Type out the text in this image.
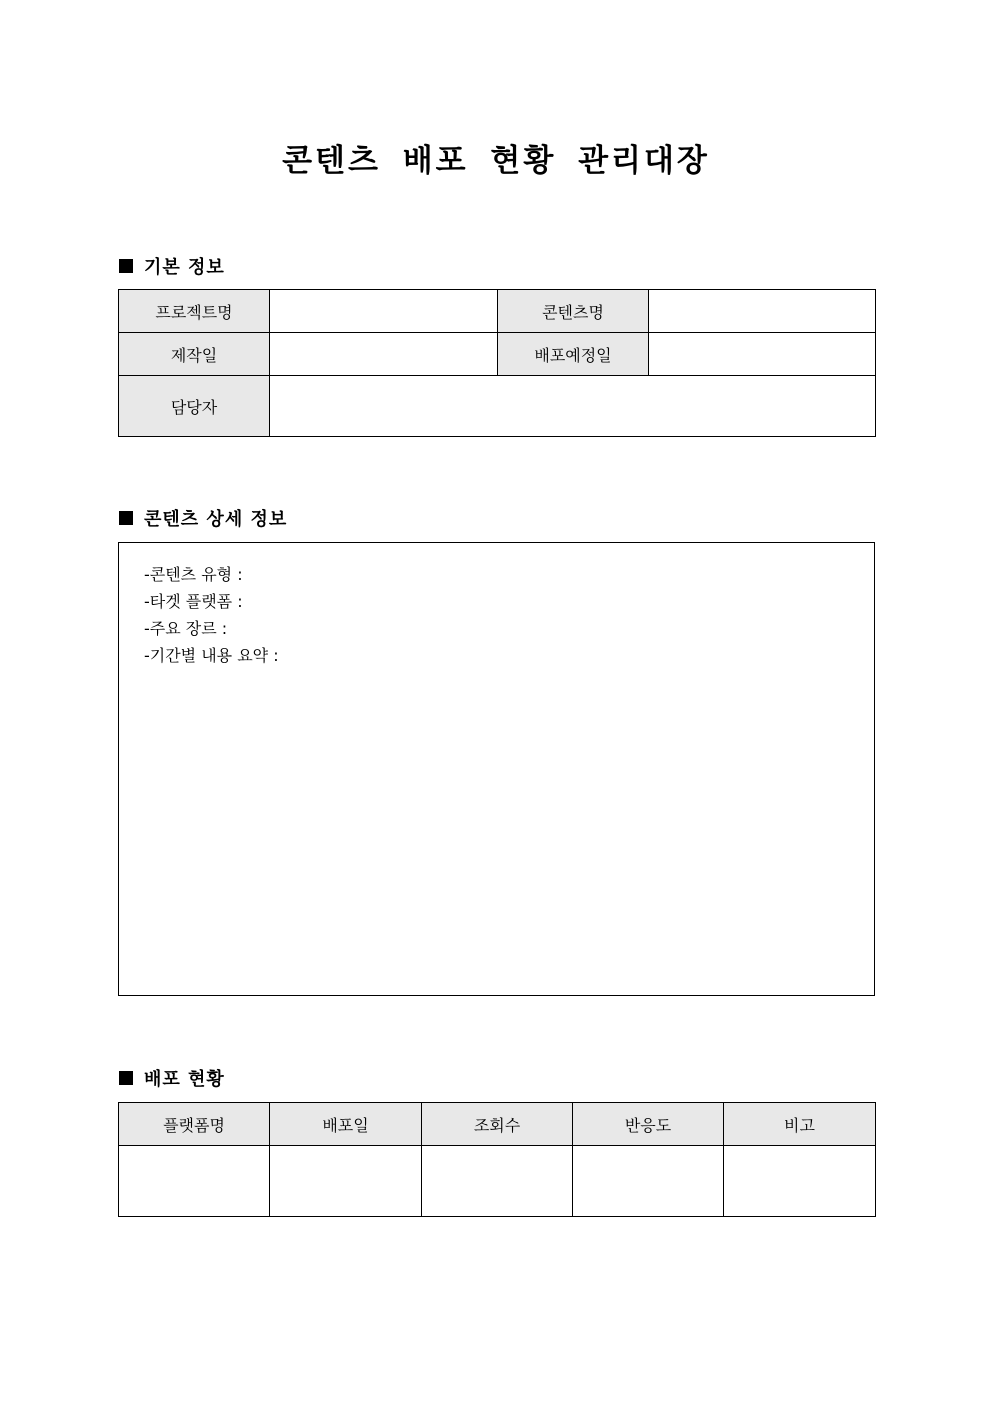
콘텐츠 배포 현황 관리대장
기본 정보
프로젝트명		콘텐츠명	
제작일		배포예정일	
담당자			
콘텐츠 상세 정보
-콘텐츠 유형 :
-타겟 플랫폼 :
-주요 장르 :
-기간별 내용 요약 :
배포 현황
플랫폼명	배포일	조회수	반응도	비고
